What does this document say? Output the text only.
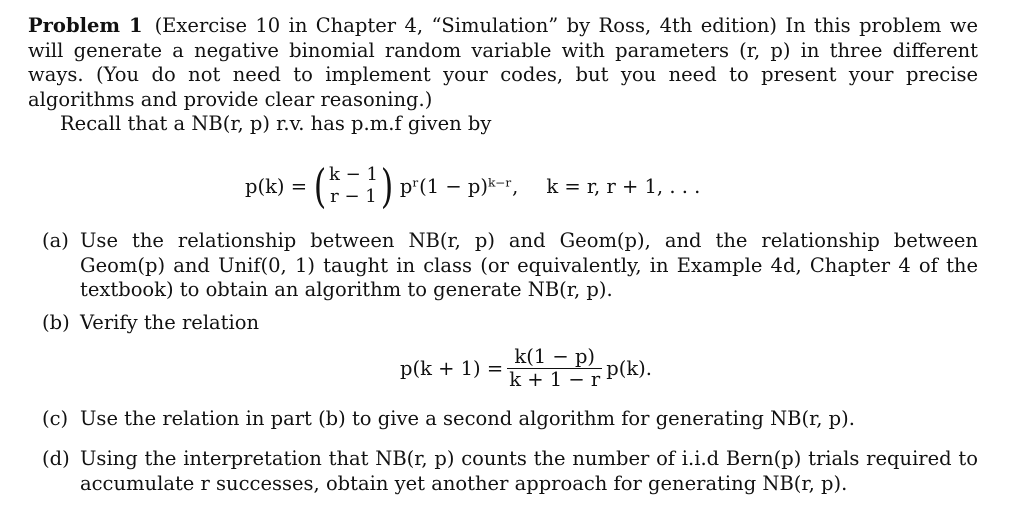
Problem 1 (Exercise 10 in Chapter 4, “Simulation” by Ross, 4th edition) In this problem we will generate a negative binomial random variable with parameters (r, p) in three different ways. (You do not need to implement your codes, but you need to present your precise algorithms and provide clear reasoning.)

Recall that a NB(r, p) r.v. has p.m.f given by

p(k) = ( k − 1
r − 1 ) pʳ(1 − p)ᵏ⁻ʳ, k = r, r + 1, . . .

(a) Use the relationship between NB(r, p) and Geom(p), and the relationship between Geom(p) and Unif(0, 1) taught in class (or equivalently, in Example 4d, Chapter 4 of the textbook) to obtain an algorithm to generate NB(r, p).

(b) Verify the relation

(c) Use the relation in part (b) to give a second algorithm for generating NB(r, p).

(d) Using the interpretation that NB(r, p) counts the number of i.i.d Bern(p) trials required to accumulate r successes, obtain yet another approach for generating NB(r, p).

$p(k + 1) = \frac{k(1 - p)}{k + 1 - r} p(k)$.
